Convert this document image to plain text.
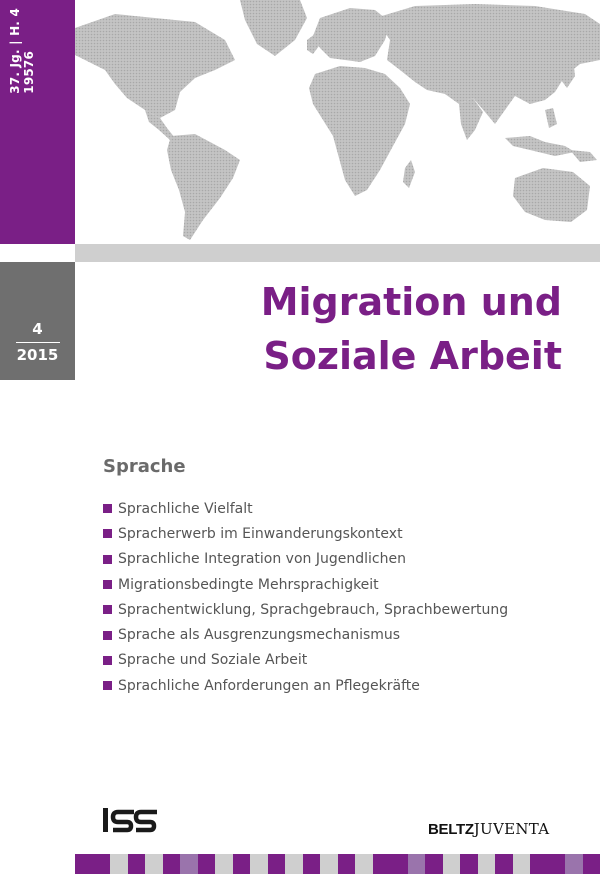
37. Jg. | H. 4
19576
4
2015
Migration und
Soziale Arbeit
Sprache
Sprachliche Vielfalt
Spracherwerb im Einwanderungskontext
Sprachliche Integration von Jugendlichen
Migrationsbedingte Mehrsprachigkeit
Sprachentwicklung, Sprachgebrauch, Sprachbewertung
Sprache als Ausgrenzungsmechanismus
Sprache und Soziale Arbeit
Sprachliche Anforderungen an Pflegekräfte
BELTZJUVENTA
